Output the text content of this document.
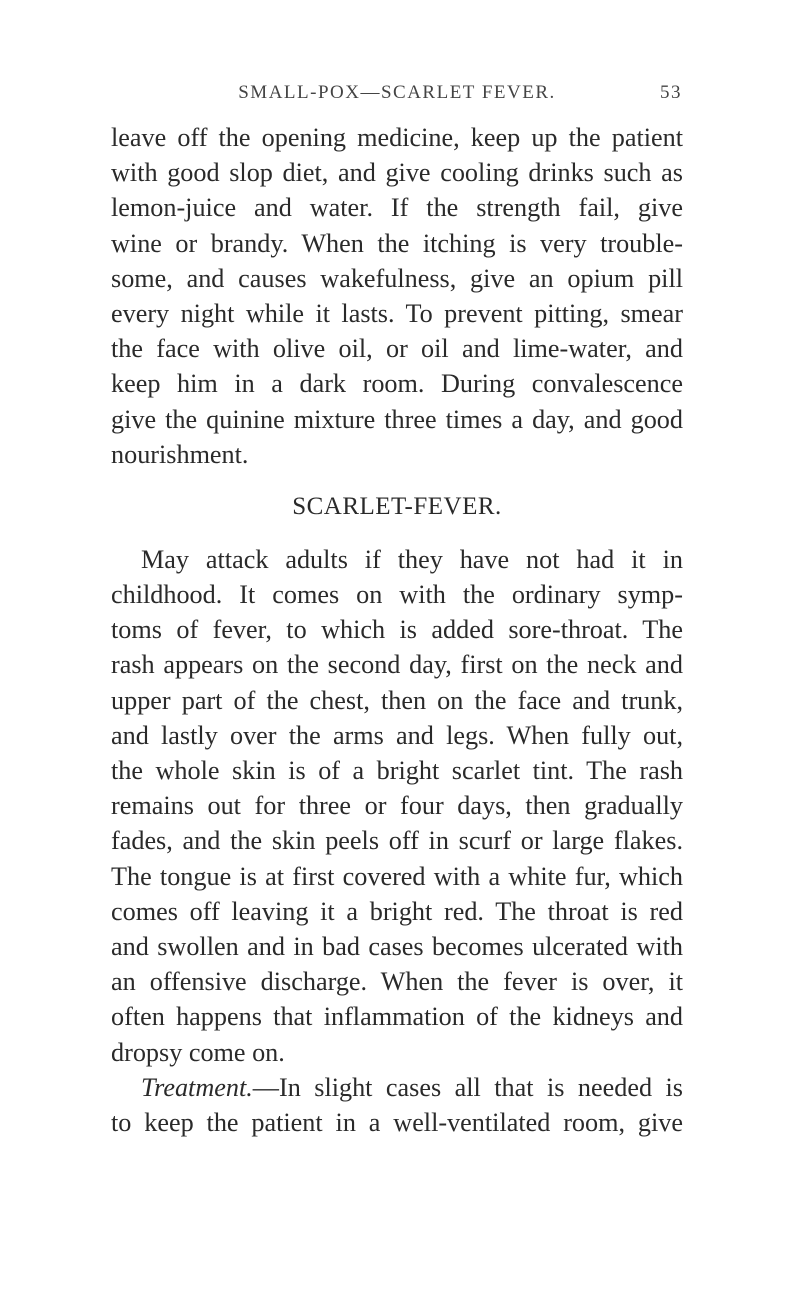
SMALL-POX—SCARLET FEVER.	53
leave off the opening medicine, keep up the patient
with good slop diet, and give cooling drinks such as
lemon-juice and water. If the strength fail, give
wine or brandy. When the itching is very trouble-
some, and causes wakefulness, give an opium pill
every night while it lasts. To prevent pitting, smear
the face with olive oil, or oil and lime-water, and
keep him in a dark room. During convalescence
give the quinine mixture three times a day, and good
nourishment.
SCARLET-FEVER.
May attack adults if they have not had it in
childhood. It comes on with the ordinary symp-
toms of fever, to which is added sore-throat. The
rash appears on the second day, first on the neck and
upper part of the chest, then on the face and trunk,
and lastly over the arms and legs. When fully out,
the whole skin is of a bright scarlet tint. The rash
remains out for three or four days, then gradually
fades, and the skin peels off in scurf or large flakes.
The tongue is at first covered with a white fur, which
comes off leaving it a bright red. The throat is red
and swollen and in bad cases becomes ulcerated with
an offensive discharge. When the fever is over, it
often happens that inflammation of the kidneys and
dropsy come on.
Treatment.—In slight cases all that is needed is
to keep the patient in a well-ventilated room, give
